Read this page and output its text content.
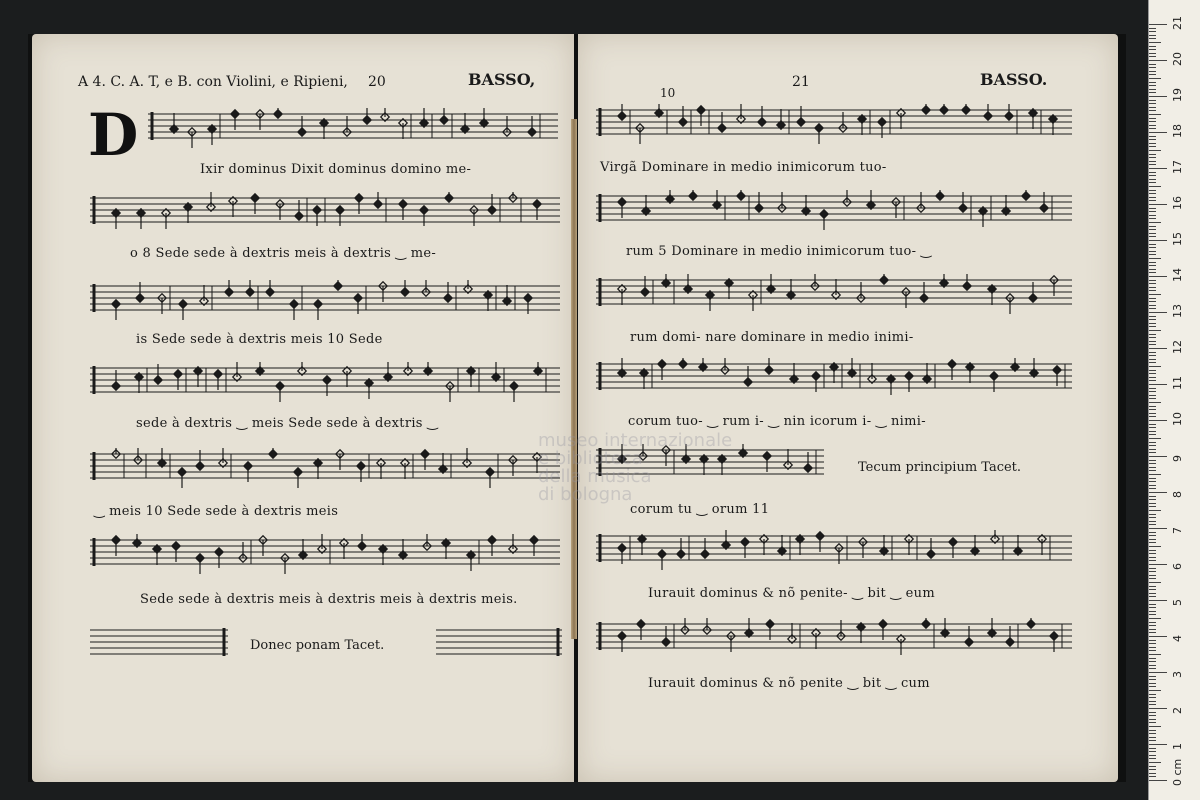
A 4. C. A. T, e B. con Violini, e Ripieni, 20	BASSO,	21	BASSO.
10
D
Ixir dominus Dixit dominus domino me-
o 8 Sede sede à dextris meis à dextris ‿ me-
is Sede sede à dextris meis 10 Sede
sede à dextris ‿ meis Sede sede à dextris ‿
‿ meis 10 Sede sede à dextris meis
Sede sede à dextris meis à dextris meis à dextris meis.
Donec ponam Tacet.
Virgã Dominare in medio inimicorum tuo-
rum 5 Dominare in medio inimicorum tuo- ‿
rum domi- nare dominare in medio inimi-
corum tuo- ‿ rum i- ‿ nin icorum i- ‿ nimi-
Tecum principium Tacet.
corum tu ‿ orum 11
Iurauit dominus & nõ penite- ‿ bit ‿ eum
Iurauit dominus & nõ penite ‿ bit ‿ cum
museo internazionale
e biblioteca
della musica
di bologna
0 cm
1
2
3
4
5
6
7
8
9
10
11
12
13
14
15
16
17
18
19
20
21
